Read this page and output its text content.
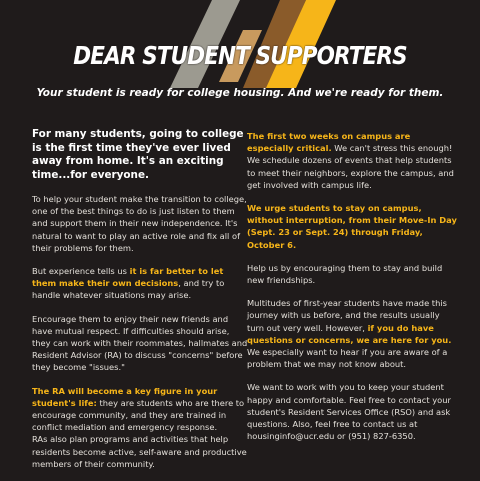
DEAR STUDENT SUPPORTERS
Your student is ready for college housing. And we're ready for them.

For many students, going to college is the first time they've ever lived away from home. It's an exciting time...for everyone.

To help your student make the transition to college, one of the best things to do is just listen to them and support them in their new independence. It's natural to want to play an active role and fix all of their problems for them.

But experience tells us it is far better to let them make their own decisions, and try to handle whatever situations may arise.

Encourage them to enjoy their new friends and have mutual respect. If difficulties should arise, they can work with their roommates, hallmates and Resident Advisor (RA) to discuss "concerns" before they become "issues."

The RA will become a key figure in your student's life: they are students who are there to encourage community, and they are trained in conflict mediation and emergency response.

RAs also plan programs and activities that help residents become active, self-aware and productive members of their community.

The first two weeks on campus are especially critical. We can't stress this enough! We schedule dozens of events that help students to meet their neighbors, explore the campus, and get involved with campus life.

We urge students to stay on campus, without interruption, from their Move-In Day (Sept. 23 or Sept. 24) through Friday, October 6.

Help us by encouraging them to stay and build new friendships.

Multitudes of first-year students have made this journey with us before, and the results usually turn out very well. However, if you do have questions or concerns, we are here for you. We especially want to hear if you are aware of a problem that we may not know about.

We want to work with you to keep your student happy and comfortable. Feel free to contact your student's Resident Services Office (RSO) and ask questions. Also, feel free to contact us at housinginfo@ucr.edu or (951) 827-6350.
